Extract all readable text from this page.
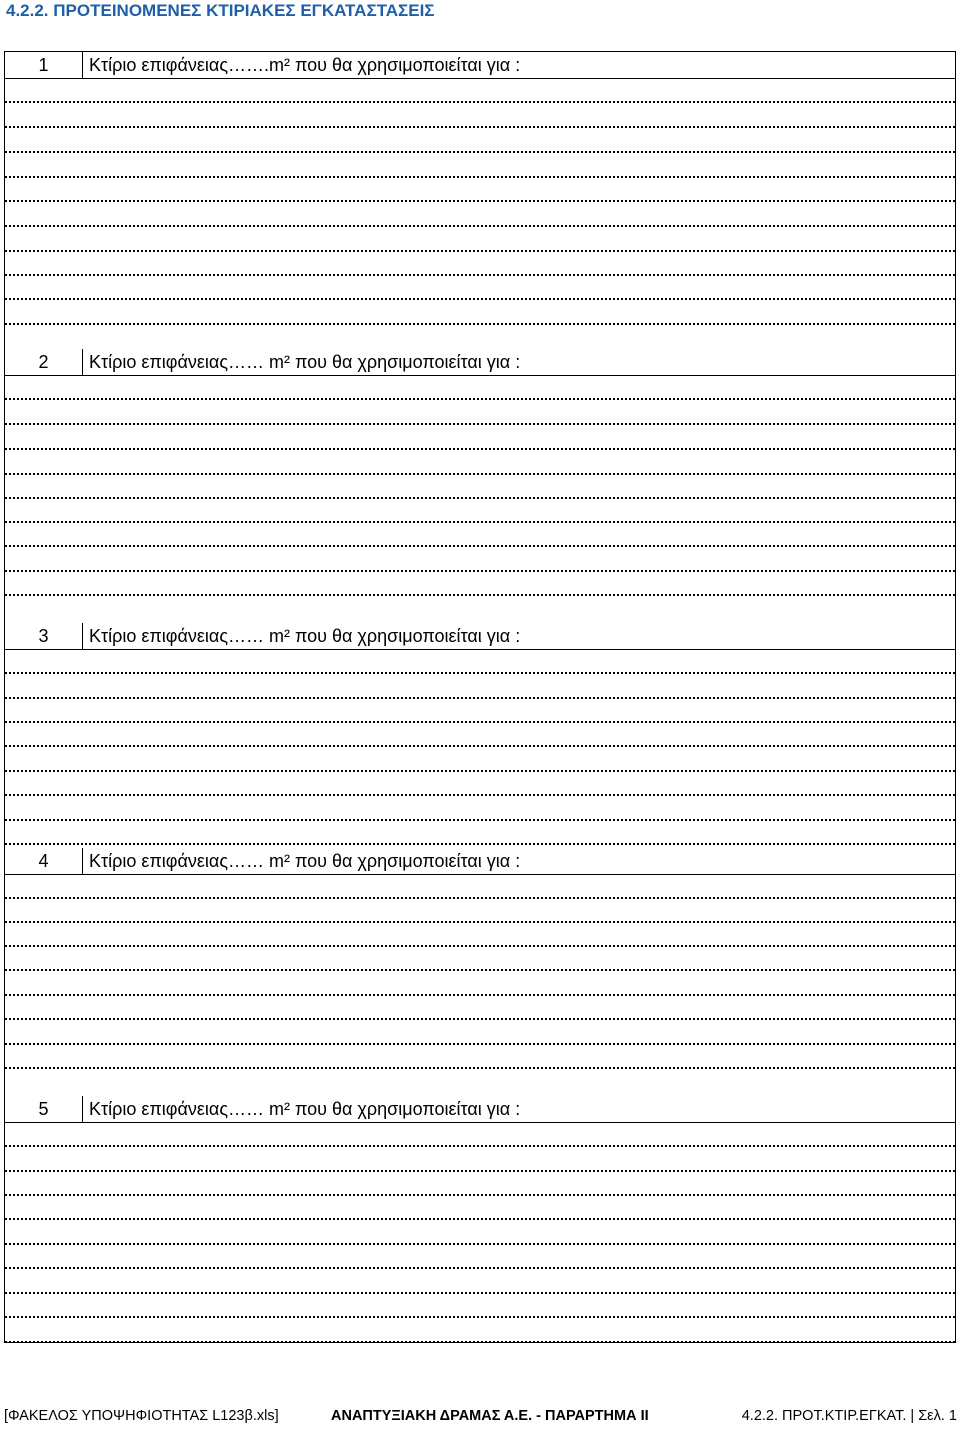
4.2.2. ΠΡΟΤΕΙΝΟΜΕΝΕΣ ΚΤΙΡΙΑΚΕΣ ΕΓΚΑΤΑΣΤΑΣΕΙΣ
1	Κτίριο επιφάνειας…….m² που θα χρησιμοποιείται για :
2	Κτίριο επιφάνειας…… m² που θα χρησιμοποιείται για :
3	Κτίριο επιφάνειας…… m² που θα χρησιμοποιείται για :
4	Κτίριο επιφάνειας…… m² που θα χρησιμοποιείται για :
5	Κτίριο επιφάνειας…… m² που θα χρησιμοποιείται για :
[ΦΑΚΕΛΟΣ ΥΠΟΨΗΦΙΟΤΗΤΑΣ L123β.xls]	ΑΝΑΠΤΥΞΙΑΚΗ ΔΡΑΜΑΣ Α.Ε. - ΠΑΡΑΡΤΗΜΑ ΙΙ	4.2.2. ΠΡΟΤ.ΚΤΙΡ.ΕΓΚΑΤ. | Σελ. 1
